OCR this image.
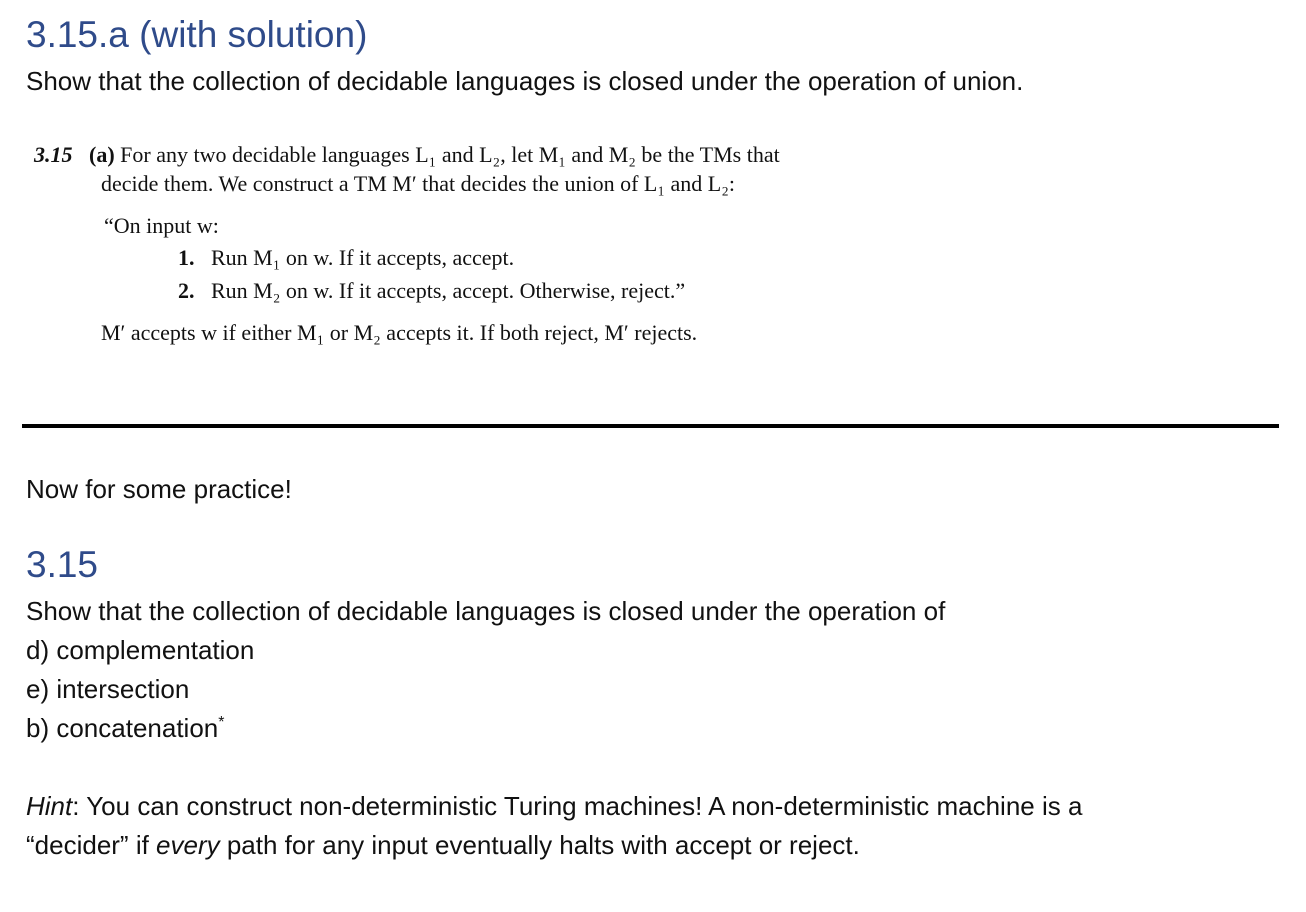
3.15.a (with solution)
Show that the collection of decidable languages is closed under the operation of union.
3.15 (a) For any two decidable languages L₁ and L₂, let M₁ and M₂ be the TMs that
decide them. We construct a TM M′ that decides the union of L₁ and L₂:
“On input w:
1. Run M₁ on w. If it accepts, accept.
2. Run M₂ on w. If it accepts, accept. Otherwise, reject.”
M′ accepts w if either M₁ or M₂ accepts it. If both reject, M′ rejects.
Now for some practice!
3.15
Show that the collection of decidable languages is closed under the operation of
d) complementation
e) intersection
b) concatenation*
Hint: You can construct non-deterministic Turing machines! A non-deterministic machine is a
“decider” if every path for any input eventually halts with accept or reject.
